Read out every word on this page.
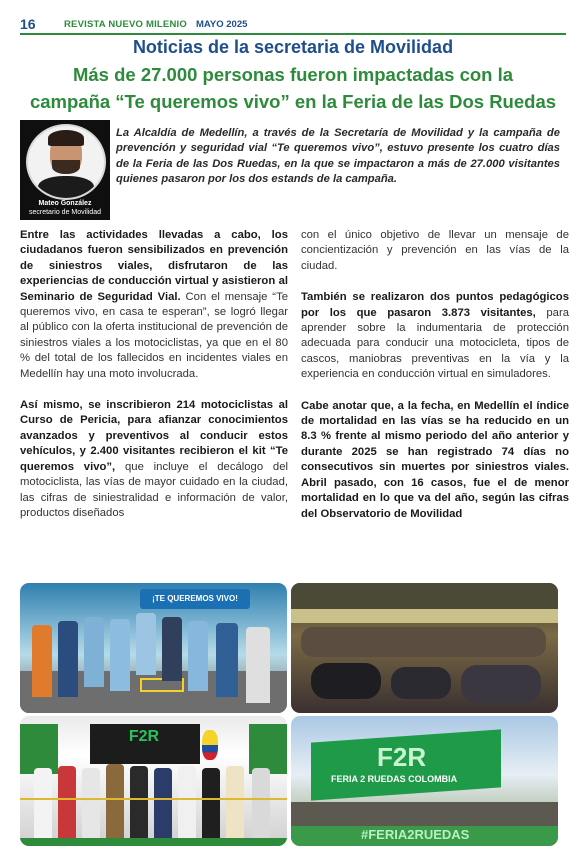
16	REVISTA NUEVO MILENIO MAYO 2025
Noticias de la secretaria de Movilidad
Más de 27.000 personas fueron impactadas con la
campaña “Te queremos vivo” en la Feria de las Dos Ruedas
Mateo González
secretario de Movilidad
La Alcaldía de Medellín, a través de la Secretaría de Movilidad y la campaña de prevención y seguridad vial “Te queremos vivo”, estuvo presente los cuatro días de la Feria de las Dos Ruedas, en la que se impactaron a más de 27.000 visitantes quienes pasaron por los dos estands de la campaña.

Entre las actividades llevadas a cabo, los ciudadanos fueron sensibilizados en prevención de siniestros viales, disfrutaron de las experiencias de conducción virtual y asistieron al Seminario de Seguridad Vial. Con el mensaje “Te queremos vivo, en casa te esperan”, se logró llegar al público con la oferta institucional de prevención de siniestros viales a los motociclistas, ya que en el 80 % del total de los fallecidos en incidentes viales en Medellín hay una moto involucrada.

Así mismo, se inscribieron 214 motociclistas al Curso de Pericia, para afianzar conocimientos avanzados y preventivos al conducir estos vehículos, y 2.400 visitantes recibieron el kit “Te queremos vivo”, que incluye el decálogo del motociclista, las vías de mayor cuidado en la ciudad, las cifras de siniestralidad e información de valor, productos diseñados

con el único objetivo de llevar un mensaje de concientización y prevención en las vías de la ciudad.

También se realizaron dos puntos pedagógicos por los que pasaron 3.873 visitantes, para aprender sobre la indumentaria de protección adecuada para conducir una motocicleta, tipos de cascos, maniobras preventivas en la vía y la experiencia en conducción virtual en simuladores.

Cabe anotar que, a la fecha, en Medellín el índice de mortalidad en las vías se ha reducido en un 8.3 % frente al mismo periodo del año anterior y durante 2025 se han registrado 74 días no consecutivos sin muertes por siniestros viales. Abril pasado, con 16 casos, fue el de menor mortalidad en lo que va del año, según las cifras del Observatorio de Movilidad

¡TE QUEREMOS VIVO!
F2R
F2R
FERIA 2 RUEDAS COLOMBIA
#FERIA2RUEDAS
